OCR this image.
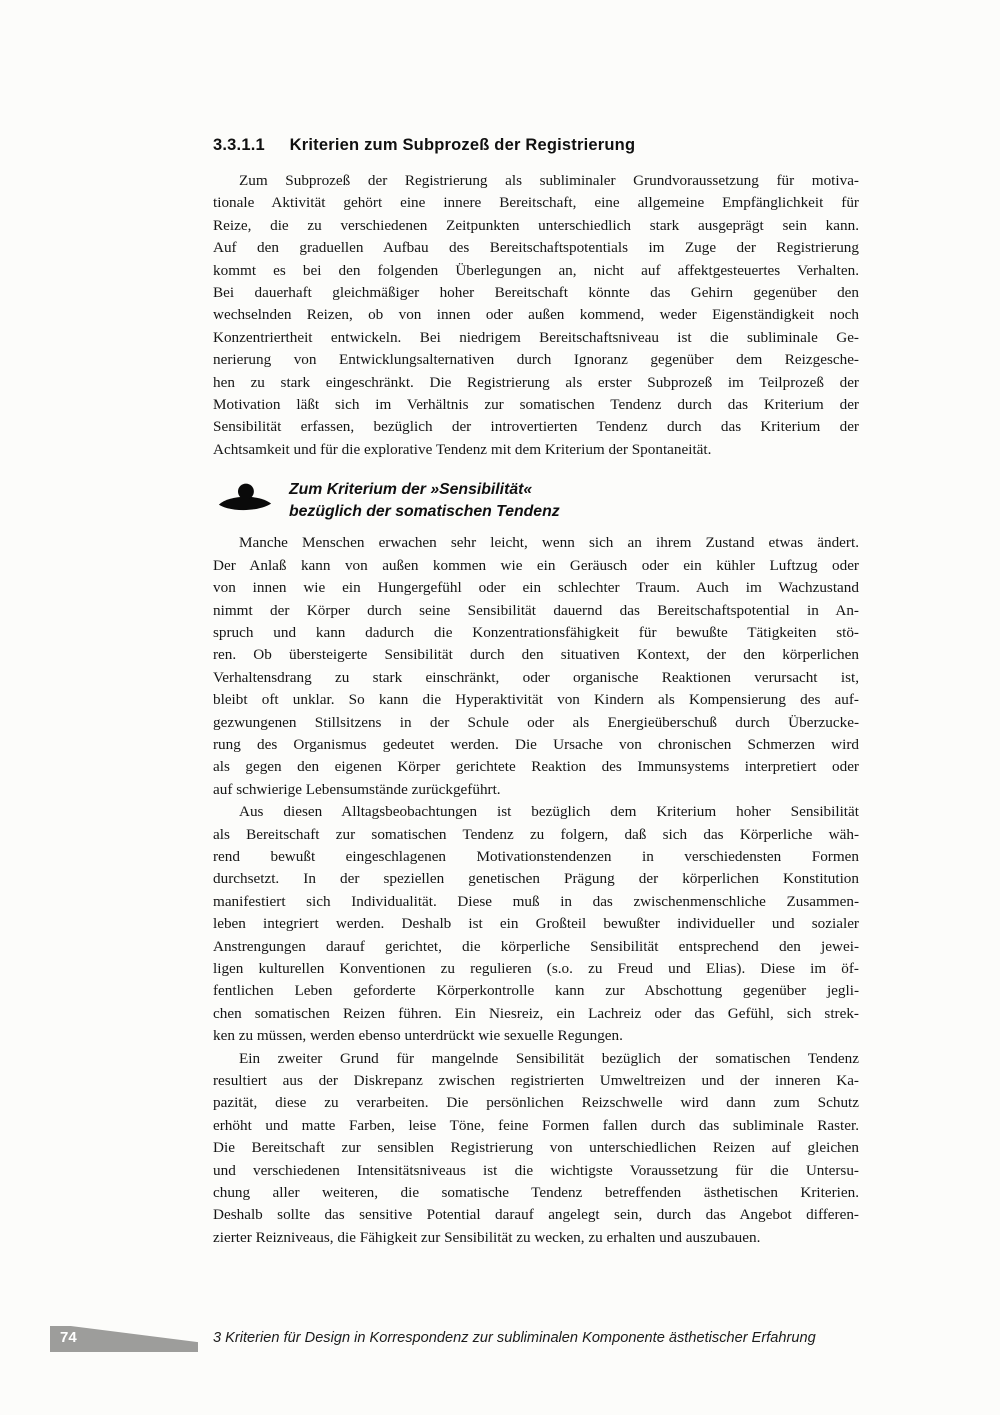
3.3.1.1 Kriterien zum Subprozeß der Registrierung
Zum Subprozeß der Registrierung als subliminaler Grundvoraussetzung für motiva-
tionale Aktivität gehört eine innere Bereitschaft, eine allgemeine Empfänglichkeit für
Reize, die zu verschiedenen Zeitpunkten unterschiedlich stark ausgeprägt sein kann.
Auf den graduellen Aufbau des Bereitschaftspotentials im Zuge der Registrierung
kommt es bei den folgenden Überlegungen an, nicht auf affektgesteuertes Verhalten.
Bei dauerhaft gleichmäßiger hoher Bereitschaft könnte das Gehirn gegenüber den
wechselnden Reizen, ob von innen oder außen kommend, weder Eigenständigkeit noch
Konzentriertheit entwickeln. Bei niedrigem Bereitschaftsniveau ist die subliminale Ge-
nerierung von Entwicklungsalternativen durch Ignoranz gegenüber dem Reizgesche-
hen zu stark eingeschränkt. Die Registrierung als erster Subprozeß im Teilprozeß der
Motivation läßt sich im Verhältnis zur somatischen Tendenz durch das Kriterium der
Sensibilität erfassen, bezüglich der introvertierten Tendenz durch das Kriterium der
Achtsamkeit und für die explorative Tendenz mit dem Kriterium der Spontaneität.
Zum Kriterium der »Sensibilität«
bezüglich der somatischen Tendenz
Manche Menschen erwachen sehr leicht, wenn sich an ihrem Zustand etwas ändert.
Der Anlaß kann von außen kommen wie ein Geräusch oder ein kühler Luftzug oder
von innen wie ein Hungergefühl oder ein schlechter Traum. Auch im Wachzustand
nimmt der Körper durch seine Sensibilität dauernd das Bereitschaftspotential in An-
spruch und kann dadurch die Konzentrationsfähigkeit für bewußte Tätigkeiten stö-
ren. Ob übersteigerte Sensibilität durch den situativen Kontext, der den körperlichen
Verhaltensdrang zu stark einschränkt, oder organische Reaktionen verursacht ist,
bleibt oft unklar. So kann die Hyperaktivität von Kindern als Kompensierung des auf-
gezwungenen Stillsitzens in der Schule oder als Energieüberschuß durch Überzucke-
rung des Organismus gedeutet werden. Die Ursache von chronischen Schmerzen wird
als gegen den eigenen Körper gerichtete Reaktion des Immunsystems interpretiert oder
auf schwierige Lebensumstände zurückgeführt.
Aus diesen Alltagsbeobachtungen ist bezüglich dem Kriterium hoher Sensibilität
als Bereitschaft zur somatischen Tendenz zu folgern, daß sich das Körperliche wäh-
rend bewußt eingeschlagenen Motivationstendenzen in verschiedensten Formen
durchsetzt. In der speziellen genetischen Prägung der körperlichen Konstitution
manifestiert sich Individualität. Diese muß in das zwischenmenschliche Zusammen-
leben integriert werden. Deshalb ist ein Großteil bewußter individueller und sozialer
Anstrengungen darauf gerichtet, die körperliche Sensibilität entsprechend den jewei-
ligen kulturellen Konventionen zu regulieren (s.o. zu Freud und Elias). Diese im öf-
fentlichen Leben geforderte Körperkontrolle kann zur Abschottung gegenüber jegli-
chen somatischen Reizen führen. Ein Niesreiz, ein Lachreiz oder das Gefühl, sich strek-
ken zu müssen, werden ebenso unterdrückt wie sexuelle Regungen.
Ein zweiter Grund für mangelnde Sensibilität bezüglich der somatischen Tendenz
resultiert aus der Diskrepanz zwischen registrierten Umweltreizen und der inneren Ka-
pazität, diese zu verarbeiten. Die persönlichen Reizschwelle wird dann zum Schutz
erhöht und matte Farben, leise Töne, feine Formen fallen durch das subliminale Raster.
Die Bereitschaft zur sensiblen Registrierung von unterschiedlichen Reizen auf gleichen
und verschiedenen Intensitätsniveaus ist die wichtigste Voraussetzung für die Untersu-
chung aller weiteren, die somatische Tendenz betreffenden ästhetischen Kriterien.
Deshalb sollte das sensitive Potential darauf angelegt sein, durch das Angebot differen-
zierter Reizniveaus, die Fähigkeit zur Sensibilität zu wecken, zu erhalten und auszubauen.
74	3 Kriterien für Design in Korrespondenz zur subliminalen Komponente ästhetischer Erfahrung
